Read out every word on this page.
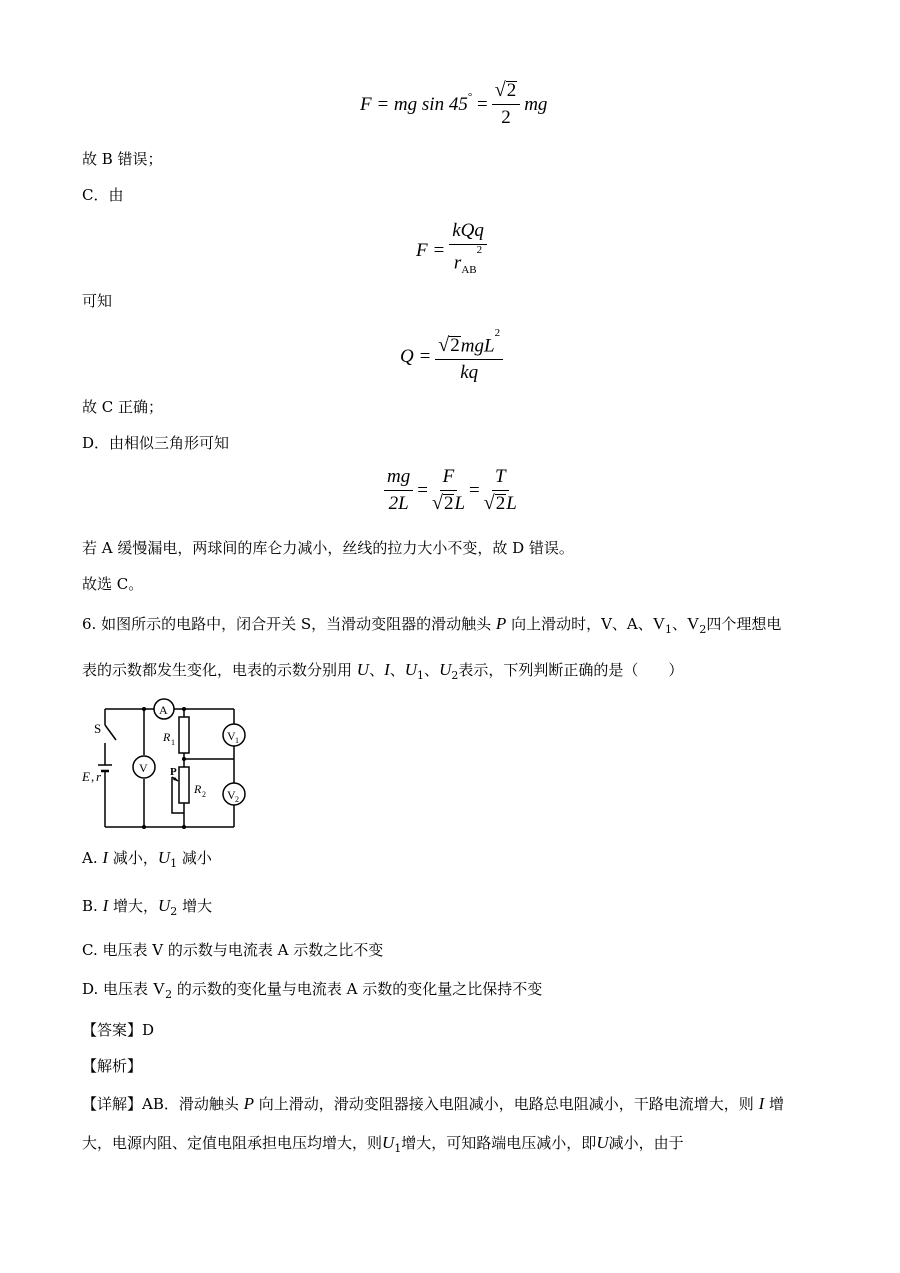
F
= mg sin 45°
= $\frac{√ 2}{2}$ mg
故 B 错误；
C．由
$F = \frac{\text{kQq}}{r_{AB}^2}$
可知
$Q = \frac{√ 2 mgL^2}{kq}$
故 C 正确；
D．由相似三角形可知
$\frac{mg}{2L} = \frac{F}{√ 2 L} = \frac{T}{√ 2 L}$
若 A 缓慢漏电，两球间的库仑力减小，丝线的拉力大小不变，故 D 错误。
故选 C。
6. 如图所示的电路中，闭合开关 S，当滑动变阻器的滑动触头 P 向上滑动时，V、A、$V_1$、$V_2$四个理想电
表的示数都发生变化，电表的示数分别用 U、I、$U_1$、$U_2$表示，下列判断正确的是（　　）
S
E , r
A
V
V 1
V 2
R 1
R 2
P
A. I 减小，$U_1$ 减小
B. I 增大，$U_2$ 增大
C. 电压表 V 的示数与电流表 A 示数之比不变
D. 电压表 $V_2$ 的示数的变化量与电流表 A 示数的变化量之比保持不变
【答案】D
【解析】
【详解】AB．滑动触头 P 向上滑动，滑动变阻器接入电阻减小，电路总电阻减小，干路电流增大，则 I 增
大，电源内阻、定值电阻承担电压均增大，则$U_1$增大，可知路端电压减小，即U减小，由于
